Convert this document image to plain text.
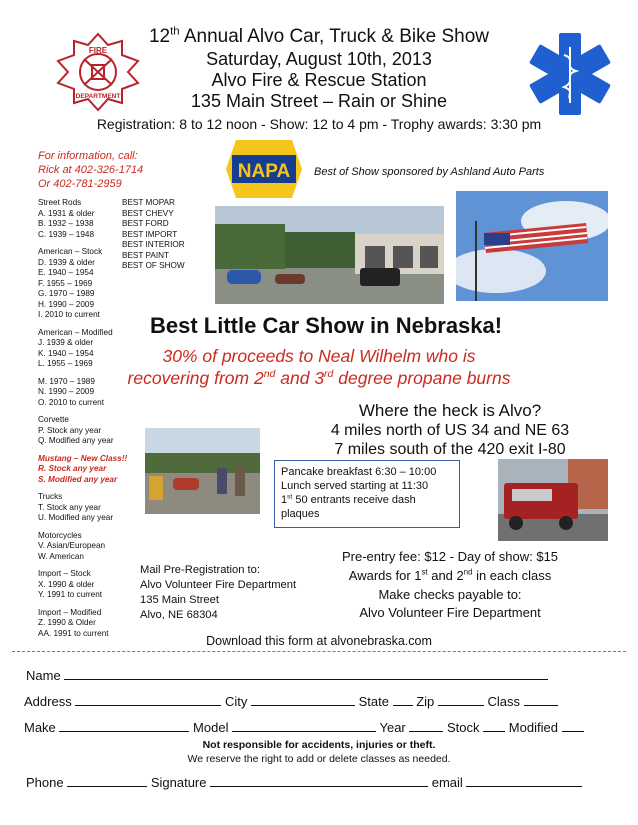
12th Annual Alvo Car, Truck & Bike Show
Saturday, August 10th, 2013
Alvo Fire & Rescue Station
135 Main Street – Rain or Shine
Registration: 8 to 12 noon - Show: 12 to 4 pm - Trophy awards: 3:30 pm
FIRE
DEPARTMENT
For information, call:
Rick at 402-326-1714
Or 402-781-2959
NAPA Best of Show sponsored by Ashland Auto Parts
Street Rods
A. 1931 & older
B. 1932 – 1938
C. 1939 – 1948
American – Stock
D. 1939 & older
E. 1940 – 1954
F. 1955 – 1969
G. 1970 – 1989
H. 1990 – 2009
I. 2010 to current
American – Modified
J. 1939 & older
K. 1940 – 1954
L. 1955 – 1969
M. 1970 – 1989
N. 1990 – 2009
O. 2010 to current
Corvette
P. Stock any year
Q. Modified any year
Mustang – New Class!!
R. Stock any year
S. Modified any year
Trucks
T. Stock any year
U. Modified any year
Motorcycles
V. Asian/European
W. American
Import – Stock
X. 1990 & older
Y. 1991 to current
Import – Modified
Z. 1990 & Older
AA. 1991 to current
BEST MOPAR
BEST CHEVY
BEST FORD
BEST IMPORT
BEST INTERIOR
BEST PAINT
BEST OF SHOW
Best Little Car Show in Nebraska!
30% of proceeds to Neal Wilhelm who is
recovering from 2nd and 3rd degree propane burns
Where the heck is Alvo?
4 miles north of US 34 and NE 63
7 miles south of the 420 exit I-80
Pancake breakfast 6:30 – 10:00
Lunch served starting at 11:30
1st 50 entrants receive dash plaques
Mail Pre-Registration to:
Alvo Volunteer Fire Department
135 Main Street
Alvo, NE 68304
Pre-entry fee: $12 - Day of show: $15
Awards for 1st and 2nd in each class
Make checks payable to:
Alvo Volunteer Fire Department
Download this form at alvonebraska.com
Name
Address	City	State Zip	Class
Make	Model	Year	Stock Modified
Not responsible for accidents, injuries or theft.
We reserve the right to add or delete classes as needed.
Phone	Signature	email
